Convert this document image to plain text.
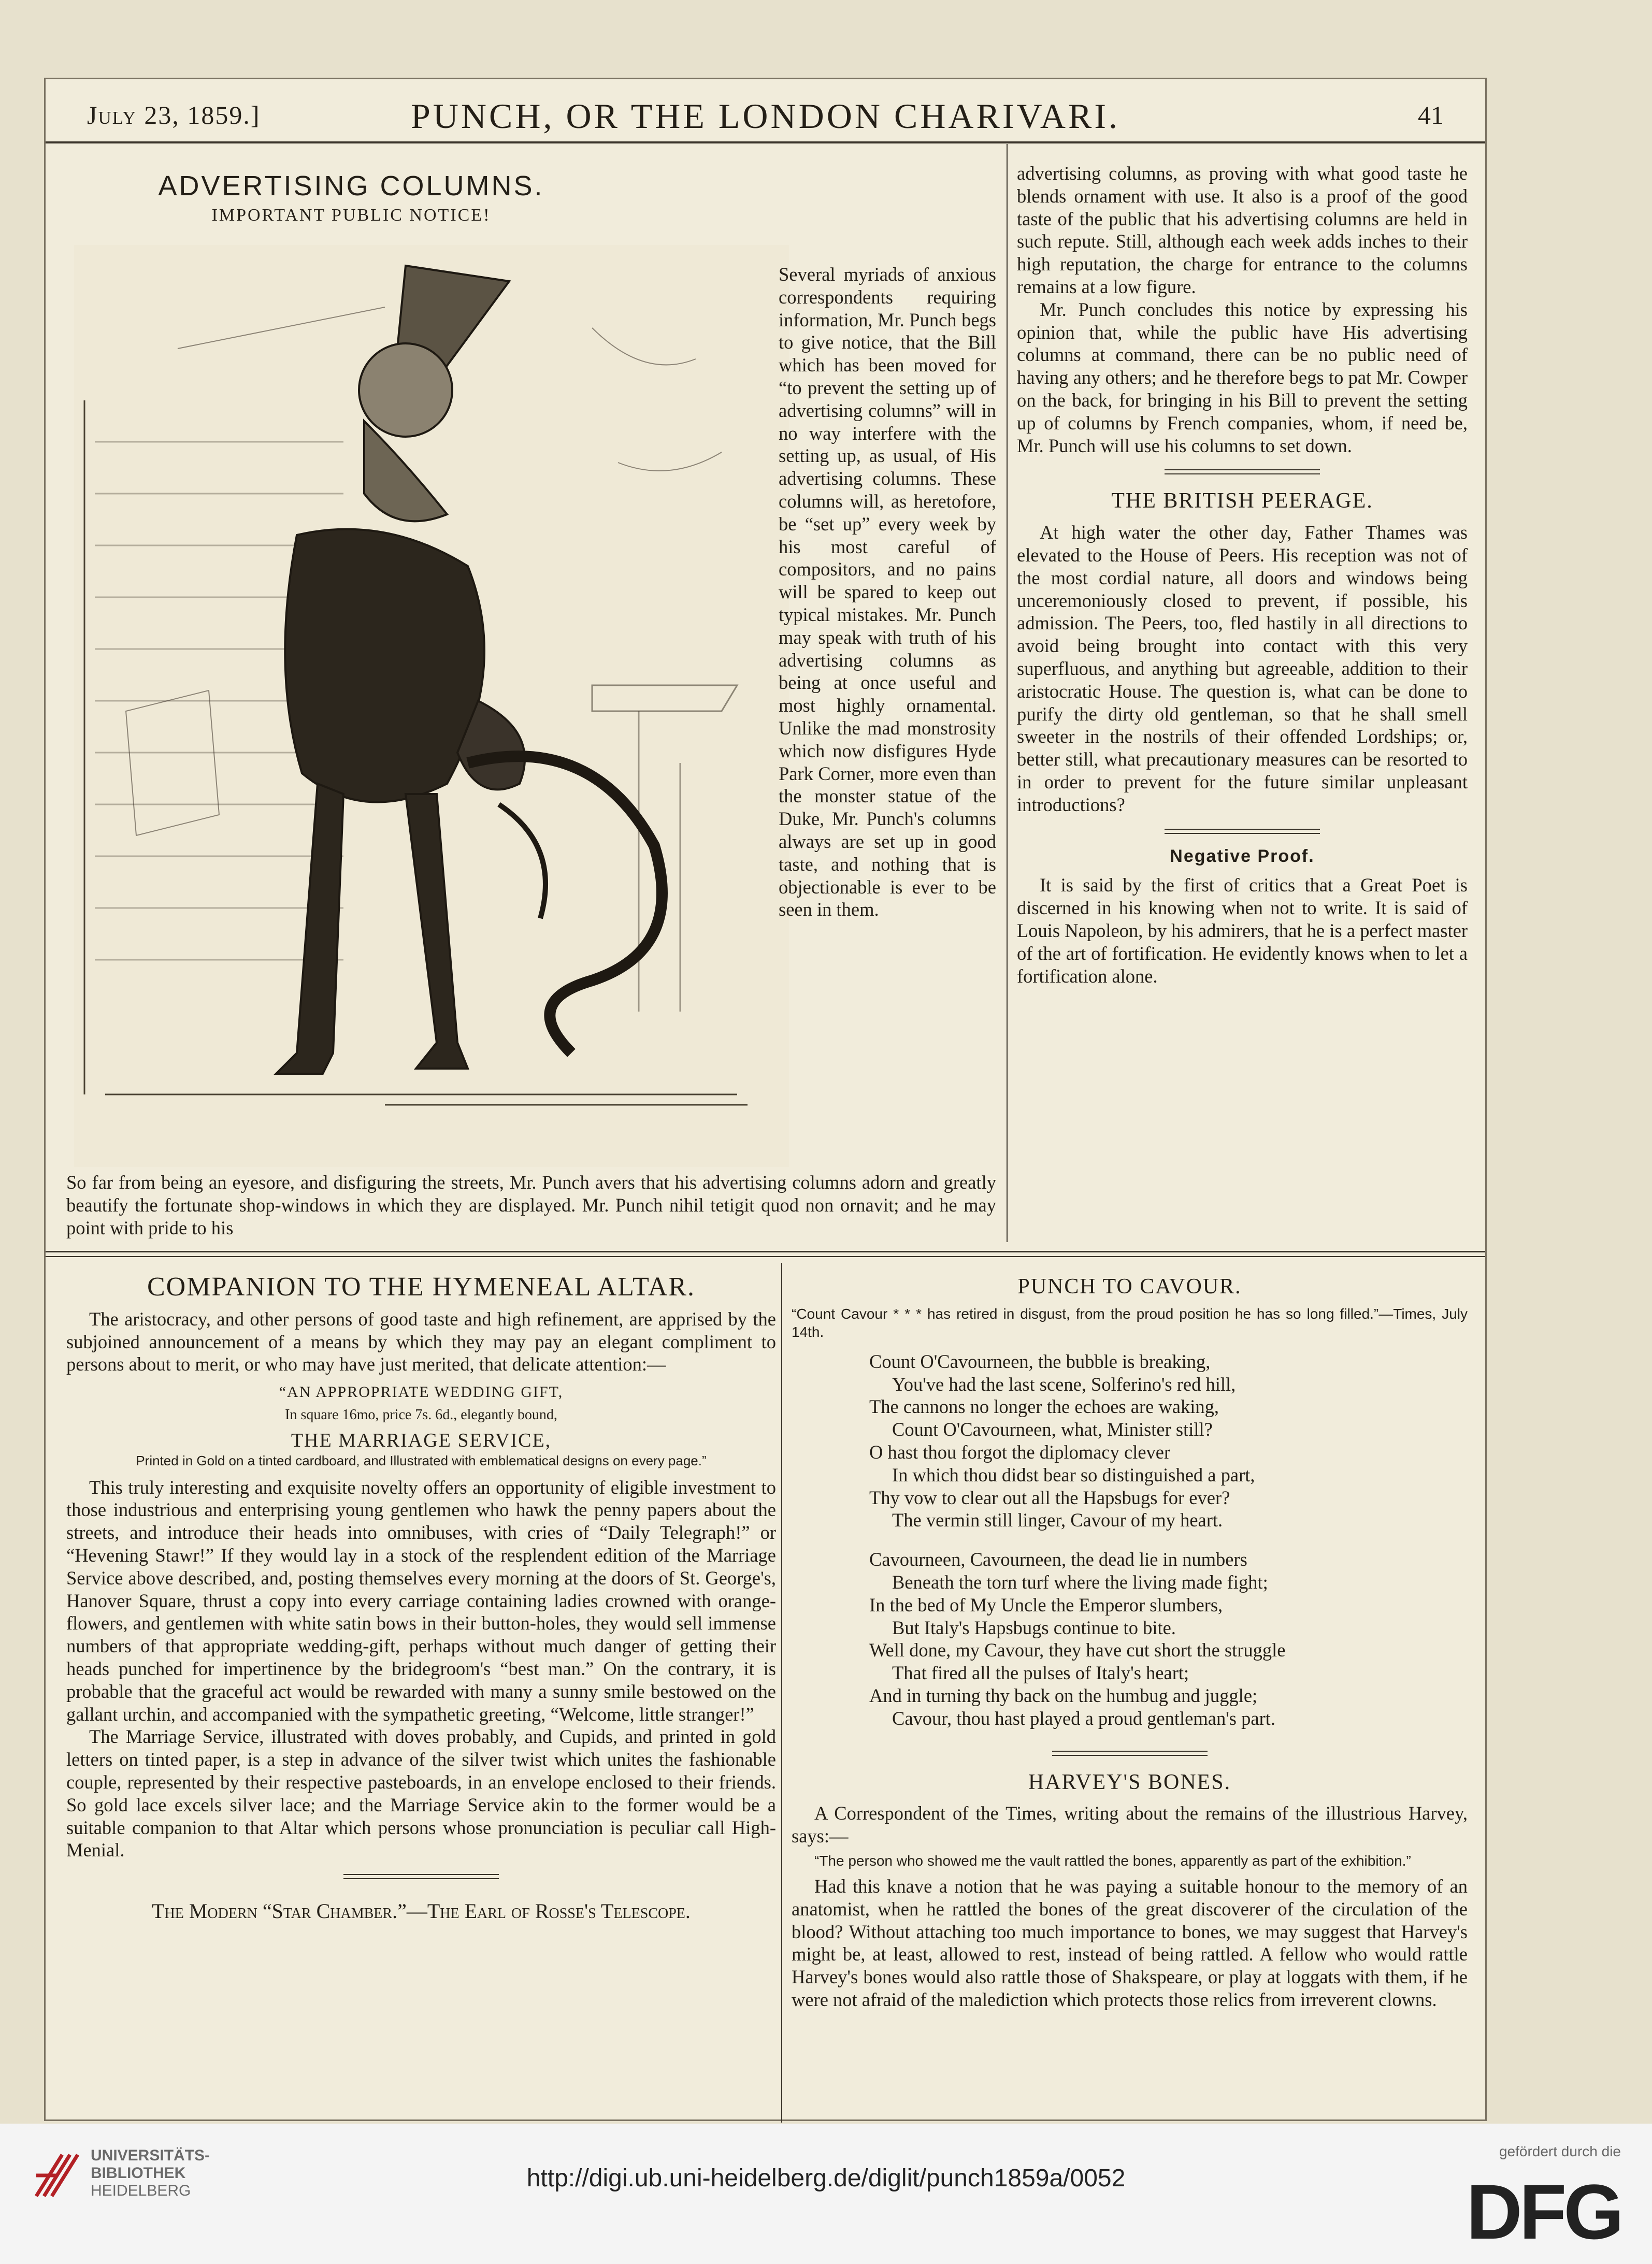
July 23, 1859.]	PUNCH, OR THE LONDON CHARIVARI.	41
ADVERTISING COLUMNS.
IMPORTANT PUBLIC NOTICE!

Several myriads of anxious correspondents requiring information, Mr. Punch begs to give notice, that the Bill which has been moved for “to prevent the setting up of advertising columns” will in no way interfere with the setting up, as usual, of His advertising columns. These columns will, as heretofore, be “set up” every week by his most careful of compositors, and no pains will be spared to keep out typical mistakes. Mr. Punch may speak with truth of his advertising columns as being at once useful and most highly ornamental. Unlike the mad monstrosity which now disfigures Hyde Park Corner, more even than the monster statue of the Duke, Mr. Punch's columns always are set up in good taste, and nothing that is objectionable is ever to be seen in them.

So far from being an eyesore, and disfiguring the streets, Mr. Punch avers that his advertising columns adorn and greatly beautify the fortunate shop-windows in which they are displayed. Mr. Punch nihil tetigit quod non ornavit; and he may point with pride to his

advertising columns, as proving with what good taste he blends ornament with use. It also is a proof of the good taste of the public that his advertising columns are held in such repute. Still, although each week adds inches to their high reputation, the charge for entrance to the columns remains at a low figure.

Mr. Punch concludes this notice by expressing his opinion that, while the public have His advertising columns at command, there can be no public need of having any others; and he therefore begs to pat Mr. Cowper on the back, for bringing in his Bill to prevent the setting up of columns by French companies, whom, if need be, Mr. Punch will use his columns to set down.

THE BRITISH PEERAGE.

At high water the other day, Father Thames was elevated to the House of Peers. His reception was not of the most cordial nature, all doors and windows being unceremoniously closed to prevent, if possible, his admission. The Peers, too, fled hastily in all directions to avoid being brought into contact with this very superfluous, and anything but agreeable, addition to their aristocratic House. The question is, what can be done to purify the dirty old gentleman, so that he shall smell sweeter in the nostrils of their offended Lordships; or, better still, what precautionary measures can be resorted to in order to prevent for the future similar unpleasant introductions?

Negative Proof.

It is said by the first of critics that a Great Poet is discerned in his knowing when not to write. It is said of Louis Napoleon, by his admirers, that he is a perfect master of the art of fortification. He evidently knows when to let a fortification alone.

COMPANION TO THE HYMENEAL ALTAR.

The aristocracy, and other persons of good taste and high refinement, are apprised by the subjoined announcement of a means by which they may pay an elegant compliment to persons about to merit, or who may have just merited, that delicate attention:—

“AN APPROPRIATE WEDDING GIFT,
In square 16mo, price 7s. 6d., elegantly bound,
THE MARRIAGE SERVICE,
Printed in Gold on a tinted cardboard, and Illustrated with emblematical designs on every page.”

This truly interesting and exquisite novelty offers an opportunity of eligible investment to those industrious and enterprising young gentlemen who hawk the penny papers about the streets, and introduce their heads into omnibuses, with cries of “Daily Telegraph!” or “Hevening Stawr!” If they would lay in a stock of the resplendent edition of the Marriage Service above described, and, posting themselves every morning at the doors of St. George's, Hanover Square, thrust a copy into every carriage containing ladies crowned with orange-flowers, and gentlemen with white satin bows in their button-holes, they would sell immense numbers of that appropriate wedding-gift, perhaps without much danger of getting their heads punched for impertinence by the bridegroom's “best man.” On the contrary, it is probable that the graceful act would be rewarded with many a sunny smile bestowed on the gallant urchin, and accompanied with the sympathetic greeting, “Welcome, little stranger!”

The Marriage Service, illustrated with doves probably, and Cupids, and printed in gold letters on tinted paper, is a step in advance of the silver twist which unites the fashionable couple, represented by their respective pasteboards, in an envelope enclosed to their friends. So gold lace excels silver lace; and the Marriage Service akin to the former would be a suitable companion to that Altar which persons whose pronunciation is peculiar call High-Menial.

The Modern “Star Chamber.”—The Earl of Rosse's Telescope.
PUNCH TO CAVOUR.

“Count Cavour * * * has retired in disgust, from the proud position he has so long filled.”—Times, July 14th.

Count O'Cavourneen, the bubble is breaking,

You've had the last scene, Solferino's red hill,

The cannons no longer the echoes are waking,

Count O'Cavourneen, what, Minister still?

O hast thou forgot the diplomacy clever

In which thou didst bear so distinguished a part,

Thy vow to clear out all the Hapsbugs for ever?

The vermin still linger, Cavour of my heart.

Cavourneen, Cavourneen, the dead lie in numbers

Beneath the torn turf where the living made fight;

In the bed of My Uncle the Emperor slumbers,

But Italy's Hapsbugs continue to bite.

Well done, my Cavour, they have cut short the struggle

That fired all the pulses of Italy's heart;

And in turning thy back on the humbug and juggle;

Cavour, thou hast played a proud gentleman's part.

HARVEY'S BONES.

A Correspondent of the Times, writing about the remains of the illustrious Harvey, says:—

“The person who showed me the vault rattled the bones, apparently as part of the exhibition.”

Had this knave a notion that he was paying a suitable honour to the memory of an anatomist, when he rattled the bones of the great discoverer of the circulation of the blood? Without attaching too much importance to bones, we may suggest that Harvey's might be, at least, allowed to rest, instead of being rattled. A fellow who would rattle Harvey's bones would also rattle those of Shakspeare, or play at loggats with them, if he were not afraid of the malediction which protects those relics from irreverent clowns.

UNIVERSITÄTS-
BIBLIOTHEK
HEIDELBERG	http://digi.ub.uni-heidelberg.de/diglit/punch1859a/0052
gefördert durch die
DFG
